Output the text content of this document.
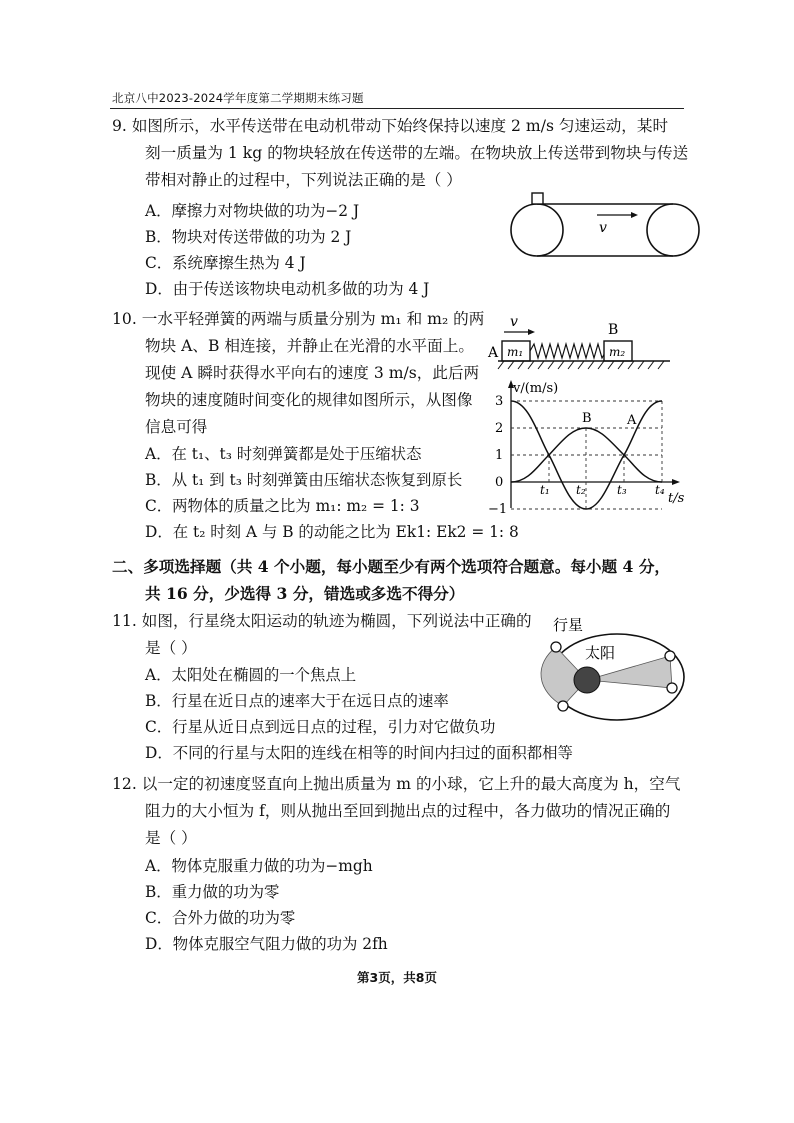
北京八中2023-2024学年度第二学期期末练习题
9. 如图所示，水平传送带在电动机带动下始终保持以速度 2 m/s 匀速运动，某时
刻一质量为 1 kg 的物块轻放在传送带的左端。在物块放上传送带到物块与传送
带相对静止的过程中，下列说法正确的是（ ）
A．摩擦力对物块做的功为−2 J
B．物块对传送带做的功为 2 J
C．系统摩擦生热为 4 J
D．由于传送该物块电动机多做的功为 4 J
v
10. 一水平轻弹簧的两端与质量分别为 m₁ 和 m₂ 的两
物块 A、B 相连接，并静止在光滑的水平面上。
现使 A 瞬时获得水平向右的速度 3 m/s，此后两
物块的速度随时间变化的规律如图所示，从图像
信息可得
A．在 t₁、t₃ 时刻弹簧都是处于压缩状态
B．从 t₁ 到 t₃ 时刻弹簧由压缩状态恢复到原长
C．两物体的质量之比为 m₁: m₂ = 1: 3
D．在 t₂ 时刻 A 与 B 的动能之比为 Ek1: Ek2 = 1: 8
v
A m₁
B
m₂
v/(m/s)
t/s
3
2
1
0
−1
B	A
t₁ t₂	t₃ t₄
二、多项选择题（共 4 个小题，每小题至少有两个选项符合题意。每小题 4 分，
共 16 分，少选得 3 分，错选或多选不得分）
11. 如图，行星绕太阳运动的轨迹为椭圆，下列说法中正确的
是（ ）
A．太阳处在椭圆的一个焦点上
B．行星在近日点的速率大于在远日点的速率
C．行星从近日点到远日点的过程，引力对它做负功
D．不同的行星与太阳的连线在相等的时间内扫过的面积都相等
行星
太阳
12. 以一定的初速度竖直向上抛出质量为 m 的小球，它上升的最大高度为 h，空气
阻力的大小恒为 f，则从抛出至回到抛出点的过程中，各力做功的情况正确的
是（ ）
A．物体克服重力做的功为−mgh
B．重力做的功为零
C．合外力做的功为零
D．物体克服空气阻力做的功为 2fh
第3页，共8页
